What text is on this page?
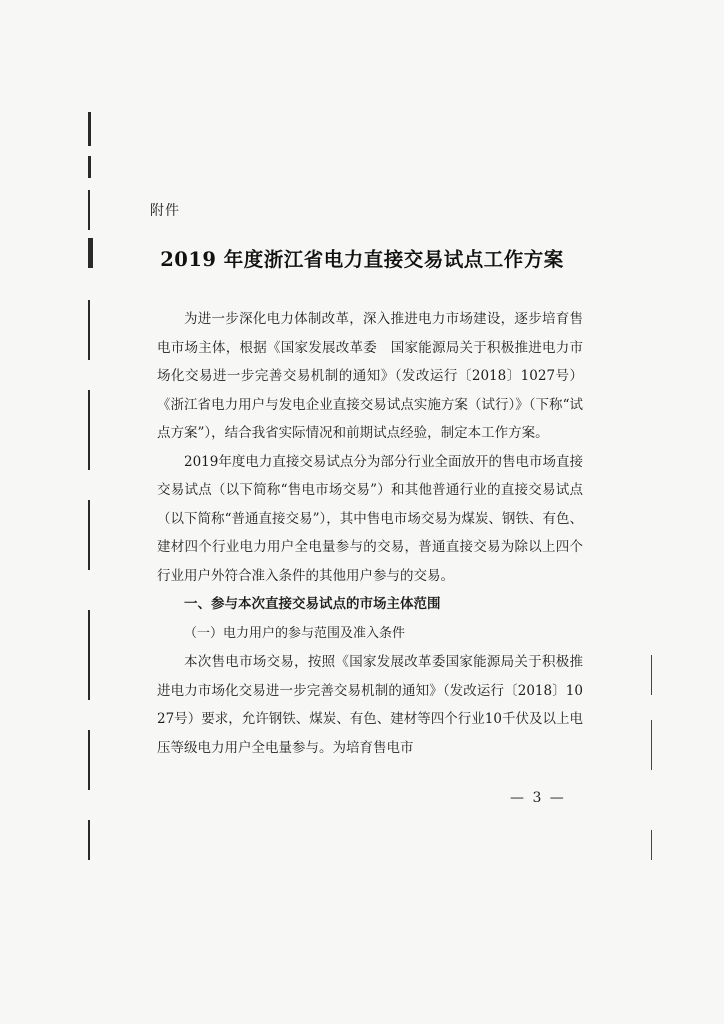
附件
2019 年度浙江省电力直接交易试点工作方案

为进一步深化电力体制改革，深入推进电力市场建设，逐步培育售电市场主体，根据《国家发展改革委　国家能源局关于积极推进电力市场化交易进一步完善交易机制的通知》（发改运行〔2018〕1027号）《浙江省电力用户与发电企业直接交易试点实施方案（试行）》（下称“试点方案”），结合我省实际情况和前期试点经验，制定本工作方案。

2019年度电力直接交易试点分为部分行业全面放开的售电市场直接交易试点（以下简称“售电市场交易”）和其他普通行业的直接交易试点（以下简称“普通直接交易”），其中售电市场交易为煤炭、钢铁、有色、建材四个行业电力用户全电量参与的交易，普通直接交易为除以上四个行业用户外符合准入条件的其他用户参与的交易。

一、参与本次直接交易试点的市场主体范围

（一）电力用户的参与范围及准入条件

本次售电市场交易，按照《国家发展改革委国家能源局关于积极推进电力市场化交易进一步完善交易机制的通知》（发改运行〔2018〕1027号）要求，允许钢铁、煤炭、有色、建材等四个行业10千伏及以上电压等级电力用户全电量参与。为培育售电市

— 3 —
